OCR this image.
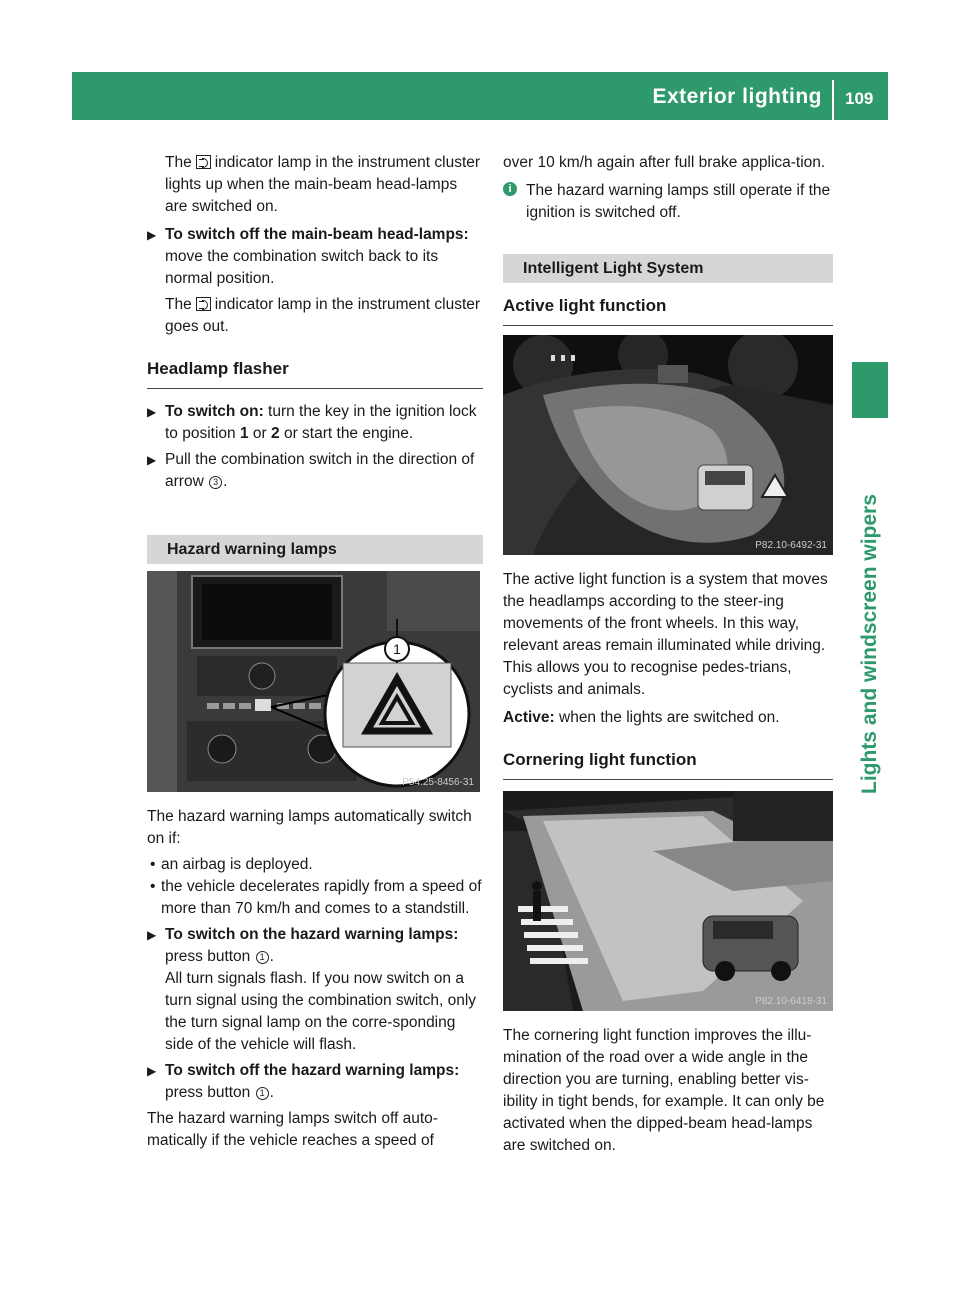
Exterior lighting 109
Lights and windscreen wipers

The indicator lamp in the instrument cluster lights up when the main-beam head-lamps are switched on.

▶ To switch off the main-beam head-lamps: move the combination switch back to its normal position.

The indicator lamp in the instrument cluster goes out.

Headlamp flasher
▶ To switch on: turn the key in the ignition lock to position 1 or 2 or start the engine.
▶ Pull the combination switch in the direction of arrow 3 .
Hazard warning lamps
1
P54.25-8456-31

The hazard warning lamps automatically switch on if:

• an airbag is deployed.
• the vehicle decelerates rapidly from a speed of more than 70 km/h and comes to a standstill.
▶ To switch on the hazard warning lamps:
press button 1 .
All turn signals flash. If you now switch on a turn signal using the combination switch, only the turn signal lamp on the corre-sponding side of the vehicle will flash.
▶ To switch off the hazard warning lamps: press button 1 .

The hazard warning lamps switch off auto-matically if the vehicle reaches a speed of

over 10 km/h again after full brake applica-tion.

i The hazard warning lamps still operate if the ignition is switched off.
Intelligent Light System
Active light function
P82.10-6492-31

The active light function is a system that moves the headlamps according to the steer-ing movements of the front wheels. In this way, relevant areas remain illuminated while driving. This allows you to recognise pedes-trians, cyclists and animals.

Active: when the lights are switched on.

Cornering light function
P82.10-6418-31

The cornering light function improves the illu-mination of the road over a wide angle in the direction you are turning, enabling better vis-ibility in tight bends, for example. It can only be activated when the dipped-beam head-lamps are switched on.
